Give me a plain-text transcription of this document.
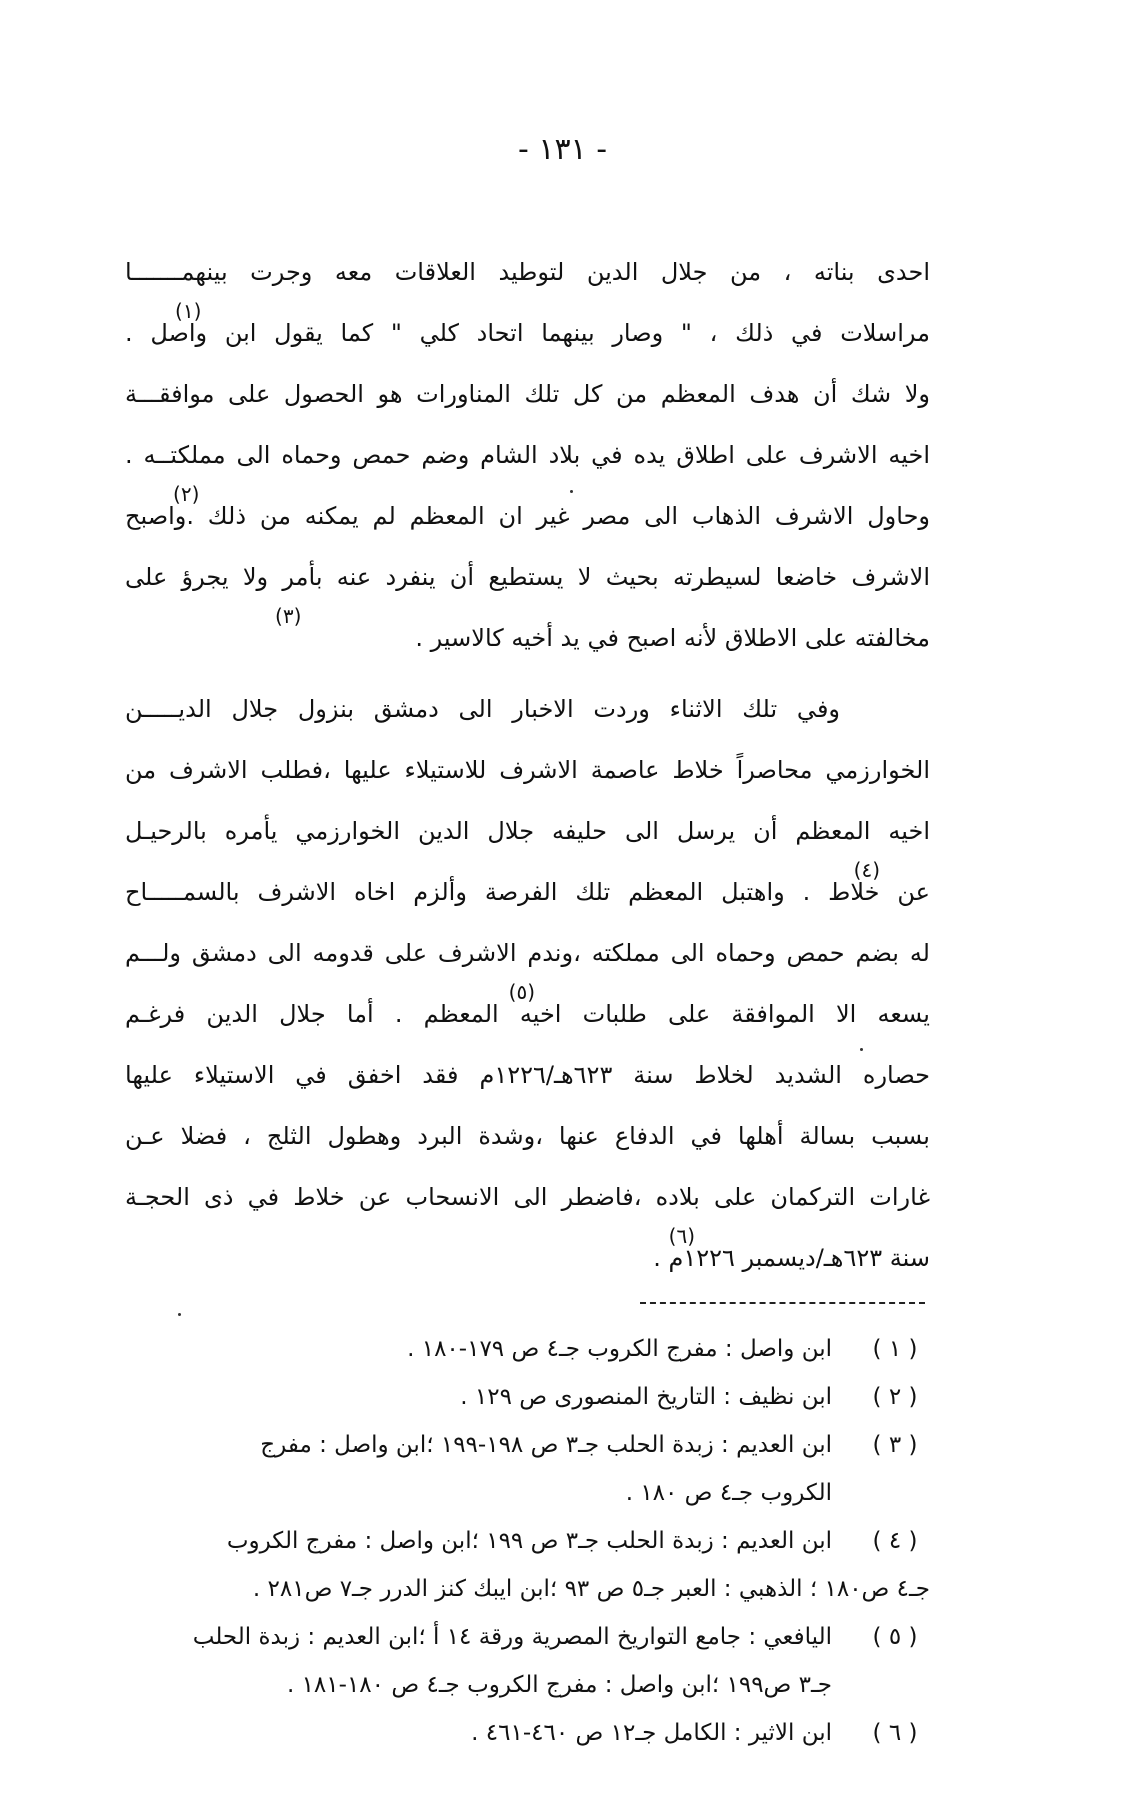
- ١٣١ -
احدى بناته ، من جلال الدين لتوطيد العلاقات معه وجرت بينهمـــــــا
مراسلات في ذلك ، " وصار بينهما اتحاد كلي " كما يقول ابن واصل .
(١)
ولا شك أن هدف المعظم من كل تلك المناورات هو الحصول على موافقـــة
اخيه الاشرف على اطلاق يده في بلاد الشام وضم حمص وحماه الى مملكتــه .
وحاول الاشرف الذهاب الى مصر غير ان المعظم لم يمكنه من ذلك .واصبح
(٢)
الاشرف خاضعا لسيطرته بحيث لا يستطيع أن ينفرد عنه بأمر ولا يجرؤ على
مخالفته على الاطلاق لأنه اصبح في يد أخيه كالاسير .
(٣)
وفي تلك الاثناء وردت الاخبار الى دمشق بنزول جلال الديـــــن
الخوارزمي محاصراً خلاط عاصمة الاشرف للاستيلاء عليها ،فطلب الاشرف من
اخيه المعظم أن يرسل الى حليفه جلال الدين الخوارزمي يأمره بالرحيـل
عن خلاط . واهتبل المعظم تلك الفرصة وألزم اخاه الاشرف بالسمـــــاح
(٤)
له بضم حمص وحماه الى مملكته ،وندم الاشرف على قدومه الى دمشق ولـــم
يسعه الا الموافقة على طلبات اخيه المعظم . أما جلال الدين فرغـم
(٥)
حصاره الشديد لخلاط سنة ٦٢٣هـ/١٢٢٦م فقد اخفق في الاستيلاء عليها
بسبب بسالة أهلها في الدفاع عنها ،وشدة البرد وهطول الثلج ، فضلا عـن
غارات التركمان على بلاده ،فاضطر الى الانسحاب عن خلاط في ذى الحجـة
سنة ٦٢٣هـ/ديسمبر ١٢٢٦م .
(٦)
( ١ )
ابن واصل : مفرج الكروب جـ٤ ص ١٧٩-١٨٠ .
( ٢ )
ابن نظيف : التاريخ المنصورى ص ١٢٩ .
( ٣ )
ابن العديم : زبدة الحلب جـ٣ ص ١٩٨-١٩٩ ؛ابن واصل : مفرج
الكروب جـ٤ ص ١٨٠ .
( ٤ )
ابن العديم : زبدة الحلب جـ٣ ص ١٩٩ ؛ابن واصل : مفرج الكروب
جـ٤ ص١٨٠ ؛ الذهبي : العبر جـ٥ ص ٩٣ ؛ابن ايبك كنز الدرر جـ٧ ص٢٨١ .
( ٥ )
اليافعي : جامع التواريخ المصرية ورقة ١٤ أ ؛ابن العديم : زبدة الحلب
جـ٣ ص١٩٩ ؛ابن واصل : مفرج الكروب جـ٤ ص ١٨٠-١٨١ .
( ٦ )
ابن الاثير : الكامل جـ١٢ ص ٤٦٠-٤٦١ .
